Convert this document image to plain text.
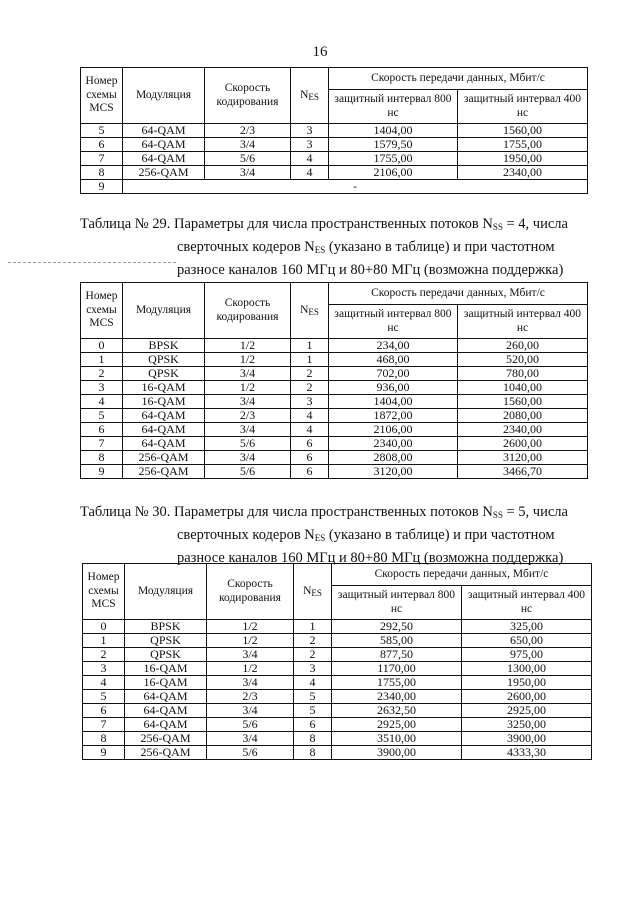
16
Номер схемы MCS	Модуляция	Скорость кодирования	$N_{ES}$	Скорость передачи данных, Мбит/с	
				защитный интервал 800 нс	защитный интервал 400 нс
5	64-QAM	2/3	3	1404,00	1560,00
6	64-QAM	3/4	3	1579,50	1755,00
7	64-QAM	5/6	4	1755,00	1950,00
8	256-QAM	3/4	4	2106,00	2340,00
9	-				
Таблица № 29. Параметры для числа пространственных потоков $N_{SS} = 4$, числа
сверточных кодеров $N_{ES}$ (указано в таблице) и при частотном
разносе каналов 160 МГц и 80+80 МГц (возможна поддержка)
Номер схемы MCS	Модуляция	Скорость кодирования	$N_{ES}$	Скорость передачи данных, Мбит/с	
				защитный интервал 800 нс	защитный интервал 400 нс
0	BPSK	1/2	1	234,00	260,00
1	QPSK	1/2	1	468,00	520,00
2	QPSK	3/4	2	702,00	780,00
3	16-QAM	1/2	2	936,00	1040,00
4	16-QAM	3/4	3	1404,00	1560,00
5	64-QAM	2/3	4	1872,00	2080,00
6	64-QAM	3/4	4	2106,00	2340,00
7	64-QAM	5/6	6	2340,00	2600,00
8	256-QAM	3/4	6	2808,00	3120,00
9	256-QAM	5/6	6	3120,00	3466,70
Таблица № 30. Параметры для числа пространственных потоков $N_{SS} = 5$, числа
сверточных кодеров $N_{ES}$ (указано в таблице) и при частотном
разносе каналов 160 МГц и 80+80 МГц (возможна поддержка)
Номер схемы MCS	Модуляция	Скорость кодирования	$N_{ES}$	Скорость передачи данных, Мбит/с	
				защитный интервал 800 нс	защитный интервал 400 нс
0	BPSK	1/2	1	292,50	325,00
1	QPSK	1/2	2	585,00	650,00
2	QPSK	3/4	2	877,50	975,00
3	16-QAM	1/2	3	1170,00	1300,00
4	16-QAM	3/4	4	1755,00	1950,00
5	64-QAM	2/3	5	2340,00	2600,00
6	64-QAM	3/4	5	2632,50	2925,00
7	64-QAM	5/6	6	2925,00	3250,00
8	256-QAM	3/4	8	3510,00	3900,00
9	256-QAM	5/6	8	3900,00	4333,30
